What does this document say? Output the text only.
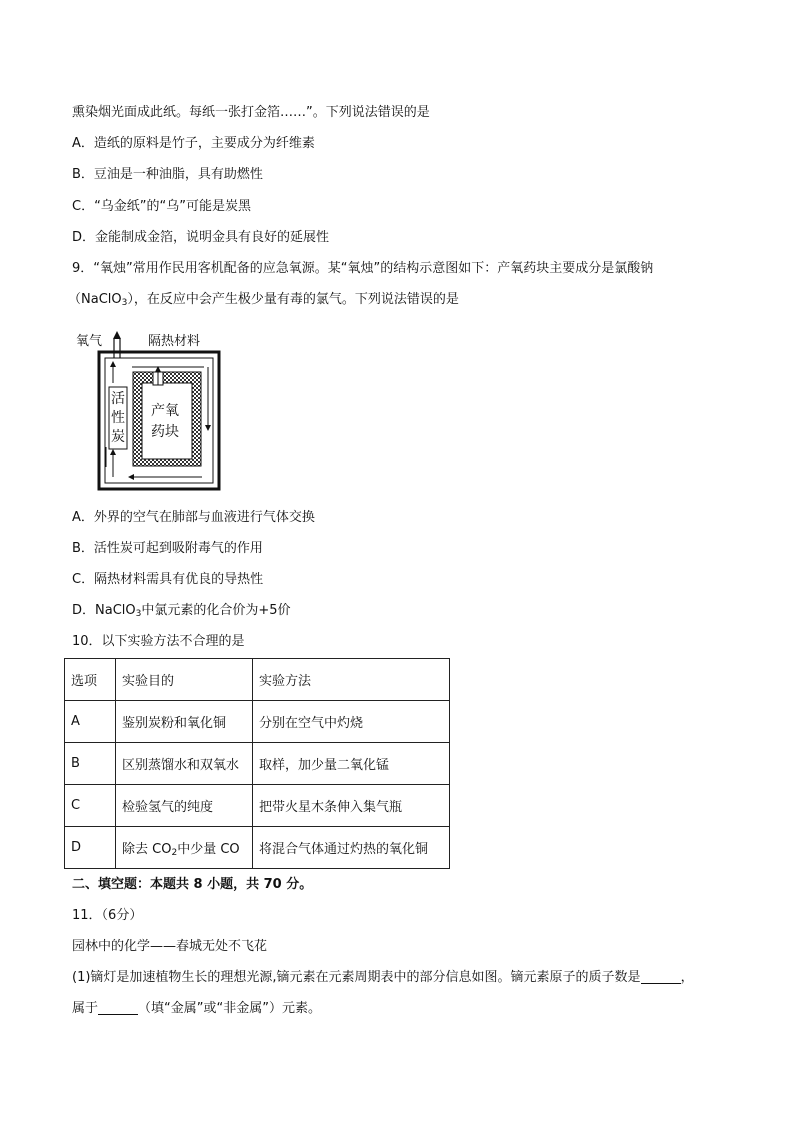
熏染烟光面成此纸。每纸一张打金箔……”。下列说法错误的是
A．造纸的原料是竹子，主要成分为纤维素
B．豆油是一种油脂，具有助燃性
C．“乌金纸”的“乌”可能是炭黑
D．金能制成金箔，说明金具有良好的延展性
9．“氧烛”常用作民用客机配备的应急氧源。某“氧烛”的结构示意图如下：产氧药块主要成分是氯酸钠
（NaClO$_3$），在反应中会产生极少量有毒的氯气。下列说法错误的是
氧气	隔热材料
活
性
炭
产氧
药块
A．外界的空气在肺部与血液进行气体交换
B．活性炭可起到吸附毒气的作用
C．隔热材料需具有优良的导热性
D．NaClO$_3$中氯元素的化合价为+5价
10．以下实验方法不合理的是
选项	实验目的	实验方法
A	鉴别炭粉和氧化铜	分别在空气中灼烧
B	区别蒸馏水和双氧水	取样，加少量二氧化锰
C	检验氢气的纯度	把带火星木条伸入集气瓶
D	除去 $CO_2$中少量 CO	将混合气体通过灼热的氧化铜
二、填空题：本题共 8 小题，共 70 分。
11．（6分）
园林中的化学——春城无处不飞花
(1)镝灯是加速植物生长的理想光源,镝元素在元素周期表中的部分信息如图。镝元素原子的质子数是	，
属于	（填“金属”或“非金属”）元素。
